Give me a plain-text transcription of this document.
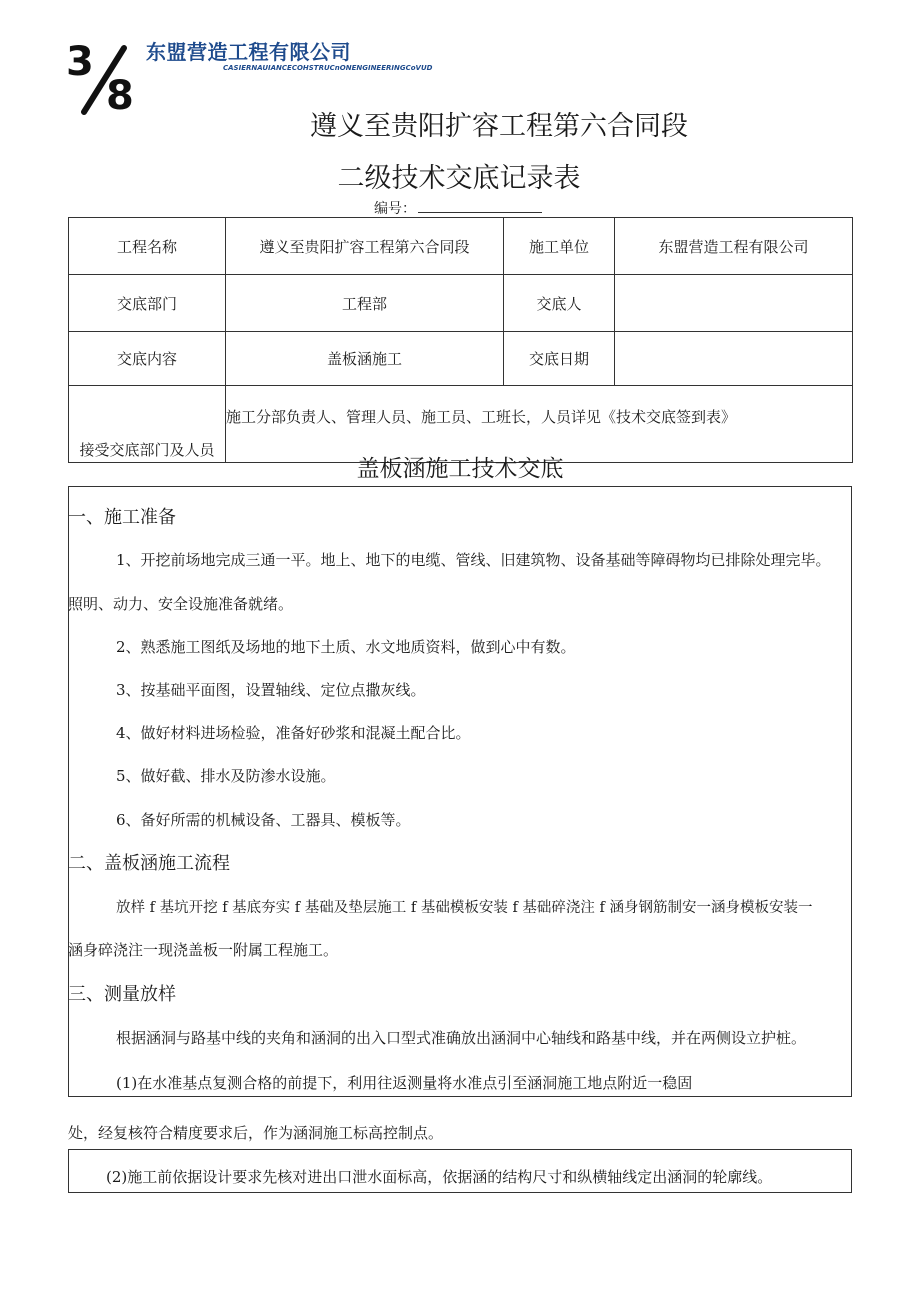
3
8
东盟营造工程有限公司
CASIERNAUIANCECOHSTRUCnONENGINEERINGCoVUD
遵义至贵阳扩容工程第六合同段
二级技术交底记录表
编号：
工程名称	遵义至贵阳扩容工程第六合同段	施工单位	东盟营造工程有限公司
交底部门	工程部	交底人	
交底内容	盖板涵施工	交底日期	
接受交底部门及人员	施工分部负责人、管理人员、施工员、工班长，人员详见《技术交底签到表》		
盖板涵施工技术交底
一、施工准备
1、开挖前场地完成三通一平。地上、地下的电缆、管线、旧建筑物、设备基础等障碍物均已排除处理完毕。
照明、动力、安全设施准备就绪。
2、熟悉施工图纸及场地的地下土质、水文地质资料，做到心中有数。
3、按基础平面图，设置轴线、定位点撒灰线。
4、做好材料进场检验，准备好砂浆和混凝土配合比。
5、做好截、排水及防渗水设施。
6、备好所需的机械设备、工器具、模板等。
二、盖板涵施工流程
放样 f 基坑开挖 f 基底夯实 f 基础及垫层施工 f 基础模板安装 f 基础碎浇注 f 涵身钢筋制安一涵身模板安装一
涵身碎浇注一现浇盖板一附属工程施工。
三、测量放样
根据涵洞与路基中线的夹角和涵洞的出入口型式准确放出涵洞中心轴线和路基中线，并在两侧设立护桩。
(1)在水准基点复测合格的前提下，利用往返测量将水准点引至涵洞施工地点附近一稳固
处，经复核符合精度要求后，作为涵洞施工标高控制点。
(2)施工前依据设计要求先核对进出口泄水面标高，依据涵的结构尺寸和纵横轴线定出涵洞的轮廓线。
